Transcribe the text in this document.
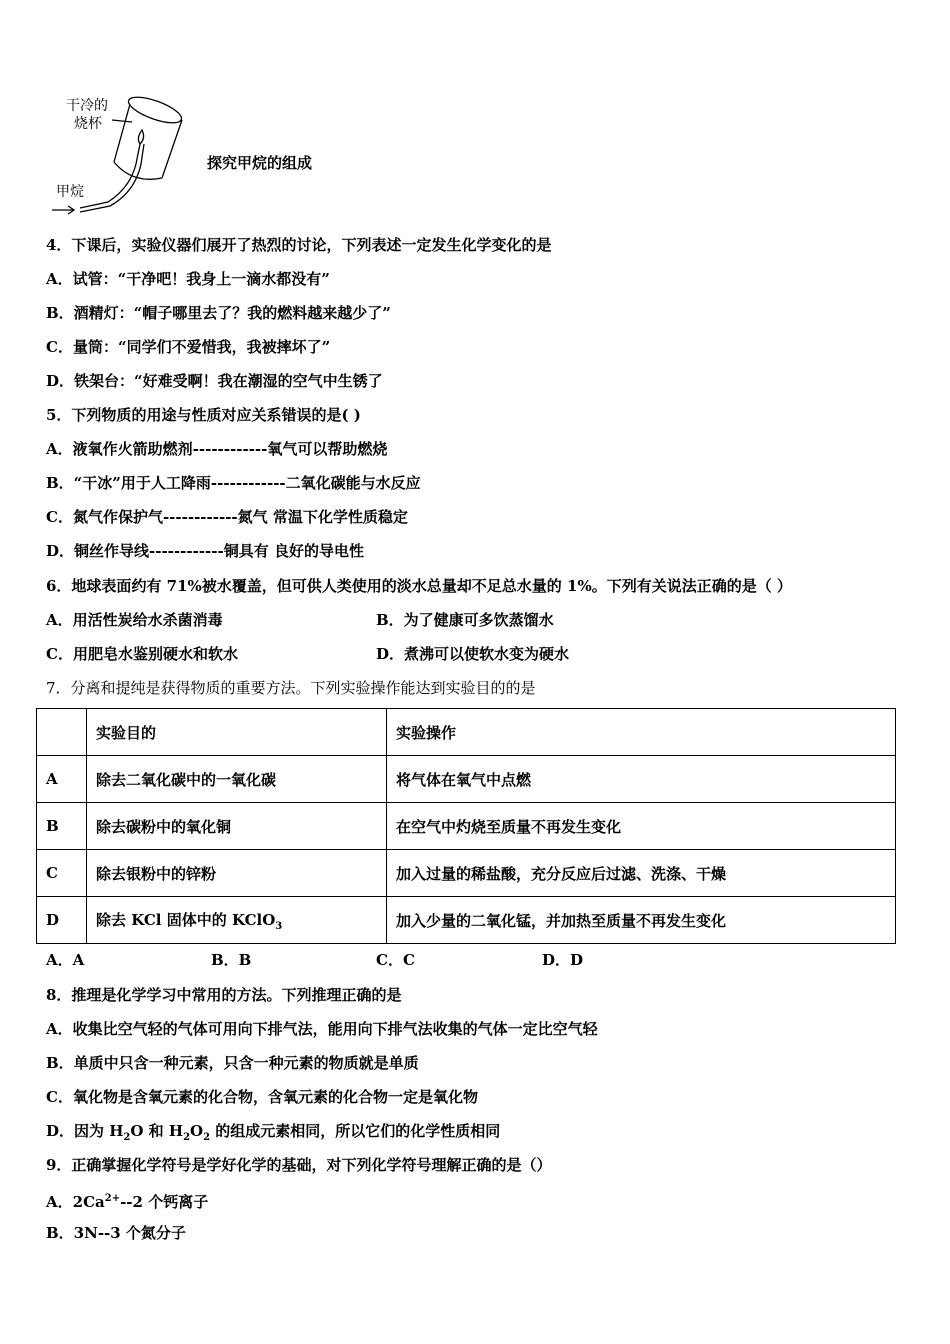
干冷的
烧杯
甲烷
探究甲烷的组成
4．下课后，实验仪器们展开了热烈的讨论，下列表述一定发生化学变化的是
A．试管：“干净吧！我身上一滴水都没有”
B．酒精灯：“帽子哪里去了？我的燃料越来越少了”
C．量筒：“同学们不爱惜我，我被摔坏了”
D．铁架台：“好难受啊！我在潮湿的空气中生锈了
5．下列物质的用途与性质对应关系错误的是( )
A．液氧作火箭助燃剂------------氧气可以帮助燃烧
B．“干冰”用于人工降雨------------二氧化碳能与水反应
C．氮气作保护气------------氮气 常温下化学性质稳定
D．铜丝作导线------------铜具有 良好的导电性
6．地球表面约有 71%被水覆盖，但可供人类使用的淡水总量却不足总水量的 1%。下列有关说法正确的是（ ）
A．用活性炭给水杀菌消毒	B．为了健康可多饮蒸馏水
C．用肥皂水鉴别硬水和软水	D．煮沸可以使软水变为硬水
7．分离和提纯是获得物质的重要方法。下列实验操作能达到实验目的的是
	实验目的	实验操作
A	除去二氧化碳中的一氧化碳	将气体在氧气中点燃
B	除去碳粉中的氧化铜	在空气中灼烧至质量不再发生变化
C	除去银粉中的锌粉	加入过量的稀盐酸，充分反应后过滤、洗涤、干燥
D	除去 KCl 固体中的 KClO$_3$	加入少量的二氧化锰，并加热至质量不再发生变化
A．A	B．B	C．C	D．D
8．推理是化学学习中常用的方法。下列推理正确的是
A．收集比空气轻的气体可用向下排气法，能用向下排气法收集的气体一定比空气轻
B．单质中只含一种元素，只含一种元素的物质就是单质
C．氧化物是含氧元素的化合物，含氧元素的化合物一定是氧化物
D．因为 $H_2O$ 和 $H_2O_2$ 的组成元素相同，所以它们的化学性质相同
9．正确掌握化学符号是学好化学的基础，对下列化学符号理解正确的是（）
A．$2Ca^{2+}--2$ 个钙离子
B．3N--3 个氮分子
